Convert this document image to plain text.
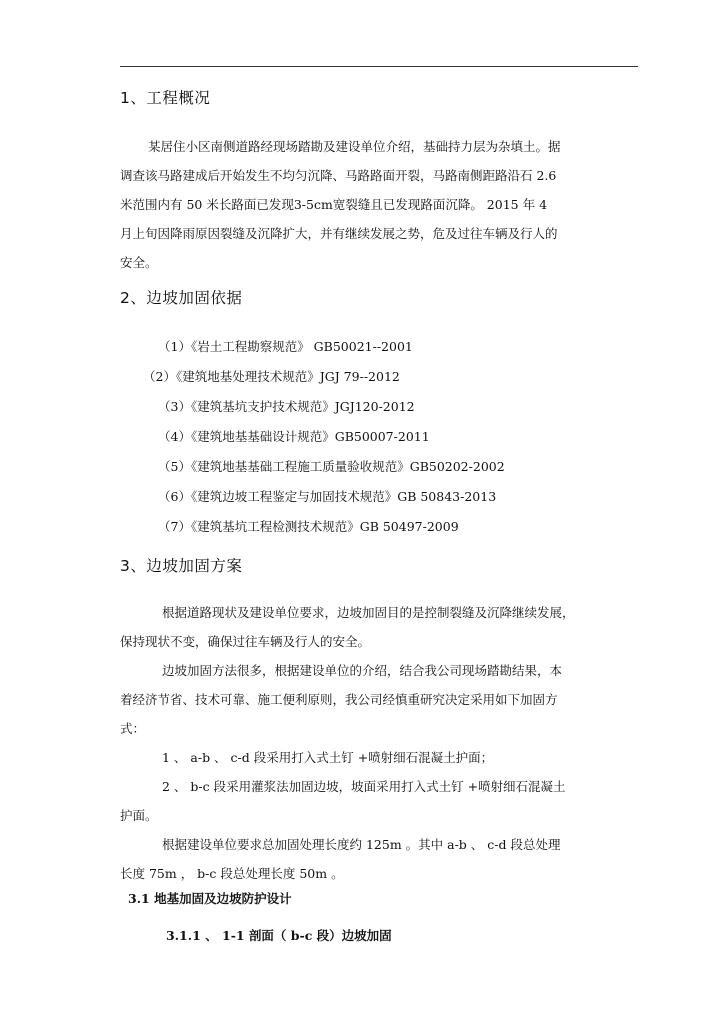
1、工程概况

某居住小区南侧道路经现场踏勘及建设单位介绍，基础持力层为杂填土。据

调查该马路建成后开始发生不均匀沉降、马路路面开裂，马路南侧距路沿石 2.6

米范围内有 50 米长路面已发现3-5cm宽裂缝且已发现路面沉降。 2015 年 4

月上旬因降雨原因裂缝及沉降扩大，并有继续发展之势，危及过往车辆及行人的

安全。

2、边坡加固依据
（1）《岩土工程勘察规范》 GB50021--2001
（2）《建筑地基处理技术规范》JGJ 79--2012
（3）《建筑基坑支护技术规范》JGJ120-2012
（4）《建筑地基基础设计规范》GB50007-2011
（5）《建筑地基基础工程施工质量验收规范》GB50202-2002
（6）《建筑边坡工程鉴定与加固技术规范》GB 50843-2013
（7）《建筑基坑工程检测技术规范》GB 50497-2009
3、边坡加固方案

根据道路现状及建设单位要求，边坡加固目的是控制裂缝及沉降继续发展，

保持现状不变，确保过往车辆及行人的安全。

边坡加固方法很多，根据建设单位的介绍，结合我公司现场踏勘结果，本

着经济节省、技术可靠、施工便利原则，我公司经慎重研究决定采用如下加固方

式：

1 、 a-b 、 c-d 段采用打入式土钉 +喷射细石混凝土护面；

2 、 b-c 段采用灌浆法加固边坡，坡面采用打入式土钉 +喷射细石混凝土

护面。

根据建设单位要求总加固处理长度约 125m 。其中 a-b 、 c-d 段总处理

长度 75m ， b-c 段总处理长度 50m 。

3.1 地基加固及边坡防护设计
3.1.1 、 1-1 剖面（ b-c 段）边坡加固
